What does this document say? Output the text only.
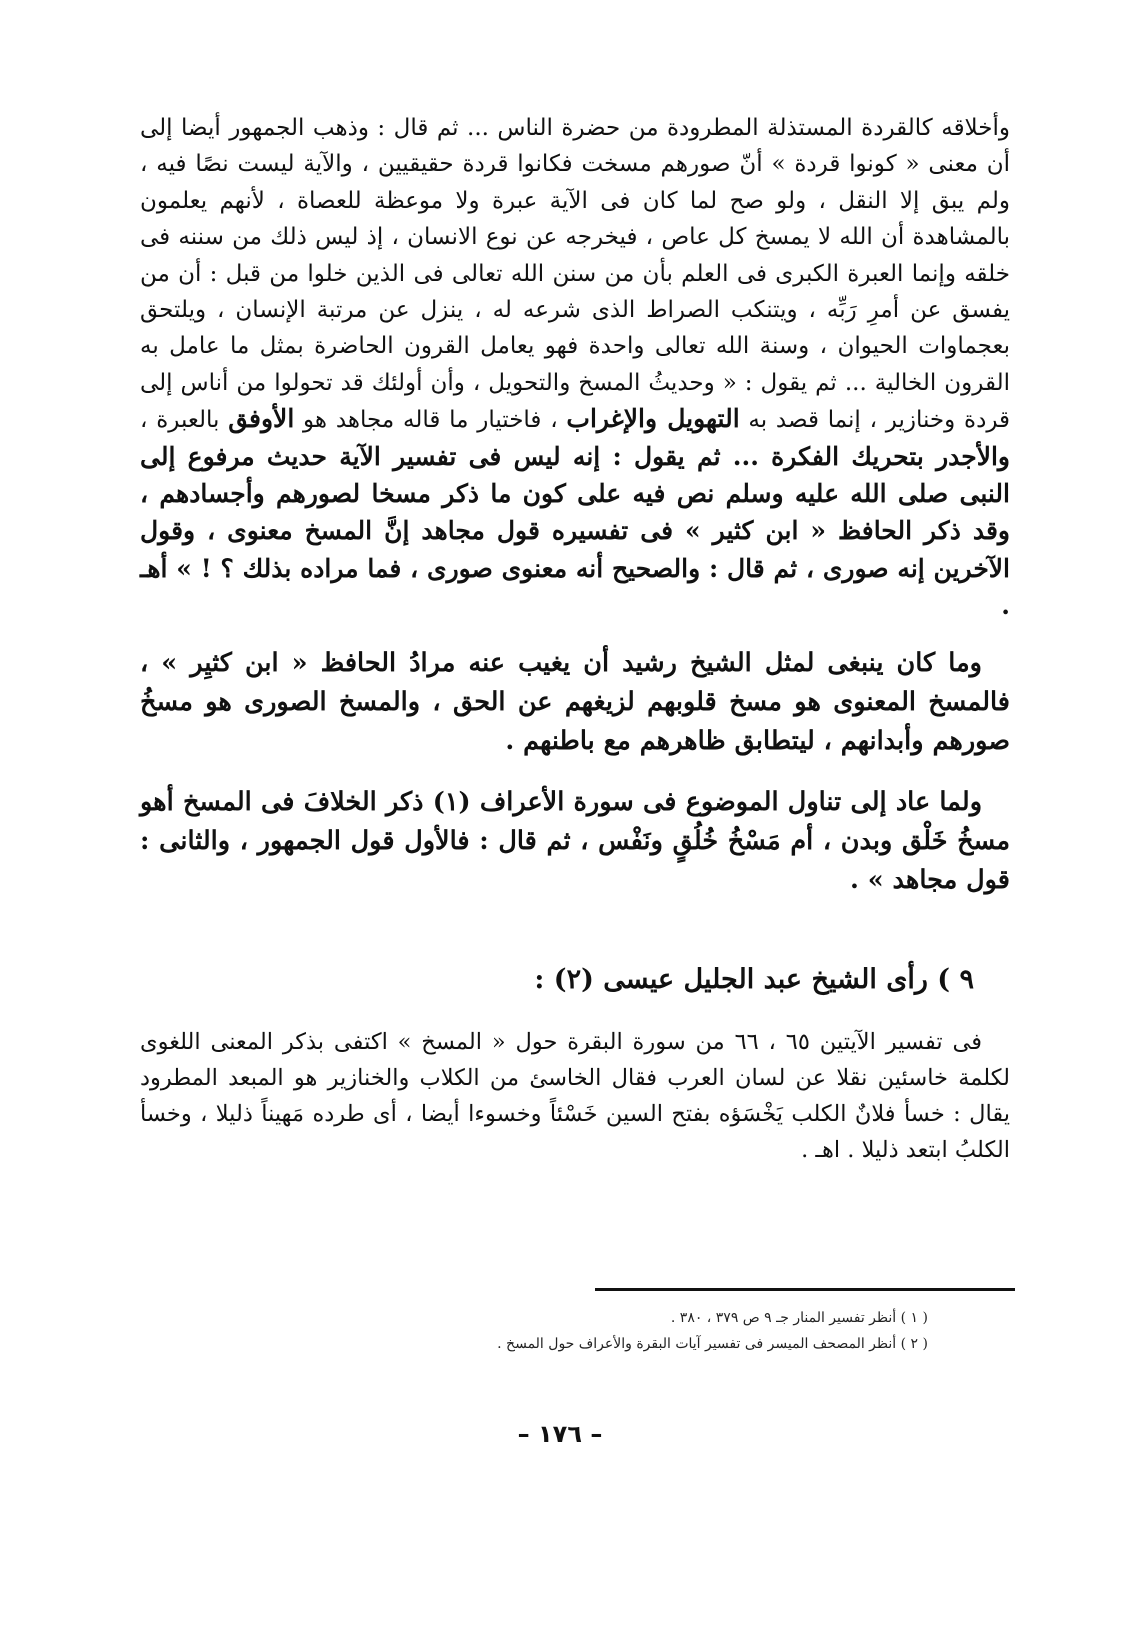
وأخلاقه كالقردة المستذلة المطرودة من حضرة الناس ... ثم قال : وذهب الجمهور أيضا إلى أن معنى « كونوا قردة » أنّ صورهم مسخت فكانوا قردة حقيقيين ، والآية ليست نصًا فيه ، ولم يبق إلا النقل ، ولو صح لما كان فى الآية عبرة ولا موعظة للعصاة ، لأنهم يعلمون بالمشاهدة أن الله لا يمسخ كل عاص ، فيخرجه عن نوع الانسان ، إذ ليس ذلك من سننه فى خلقه وإنما العبرة الكبرى فى العلم بأن من سنن الله تعالى فى الذين خلوا من قبل : أن من يفسق عن أمرِ رَبِّه ، ويتنكب الصراط الذى شرعه له ، ينزل عن مرتبة الإنسان ، ويلتحق بعجماوات الحيوان ، وسنة الله تعالى واحدة فهو يعامل القرون الحاضرة بمثل ما عامل به القرون الخالية ... ثم يقول : « وحديثُ المسخ والتحويل ، وأن أولئك قد تحولوا من أناس إلى قردة وخنازير ، إنما قصد به التهويل والإغراب ، فاختيار ما قاله مجاهد هو الأوفق بالعبرة ، والأجدر بتحريك الفكرة ... ثم يقول : إنه ليس فى تفسير الآية حديث مرفوع إلى النبى صلى الله عليه وسلم نص فيه على كون ما ذكر مسخا لصورهم وأجسادهم ، وقد ذكر الحافظ « ابن كثير » فى تفسيره قول مجاهد إنَّ المسخ معنوى ، وقول الآخرين إنه صورى ، ثم قال : والصحيح أنه معنوى صورى ، فما مراده بذلك ؟ ! » أهـ .

وما كان ينبغى لمثل الشيخ رشيد أن يغيب عنه مرادُ الحافظ « ابن كثيِر » ، فالمسخ المعنوى هو مسخ قلوبهم لزيغهم عن الحق ، والمسخ الصورى هو مسخُ صورهم وأبدانهم ، ليتطابق ظاهرهم مع باطنهم .

ولما عاد إلى تناول الموضوع فى سورة الأعراف (١) ذكر الخلافَ فى المسخ أهو مسخُ خَلْق وبدن ، أم مَسْخُ خُلُقٍ ونَفْس ، ثم قال : فالأول قول الجمهور ، والثانى : قول مجاهد » .

٩ ) رأى الشيخ عبد الجليل عيسى (٢) :

فى تفسير الآيتين ٦٥ ، ٦٦ من سورة البقرة حول « المسخ » اكتفى بذكر المعنى اللغوى لكلمة خاسئين نقلا عن لسان العرب فقال الخاسئ من الكلاب والخنازير هو المبعد المطرود يقال : خسأ فلانٌ الكلب يَخْسَؤه بفتح السين خَسْئاً وخسوءا أيضا ، أى طرده مَهيناً ذليلا ، وخسأ الكلبُ ابتعد ذليلا . اهـ .

( ١ ) أنظر تفسير المنار جـ ٩ ص ٣٧٩ ، ٣٨٠ .

( ٢ ) أنظر المصحف الميسر فى تفسير آيات البقرة والأعراف حول المسخ .

– ١٧٦ –
